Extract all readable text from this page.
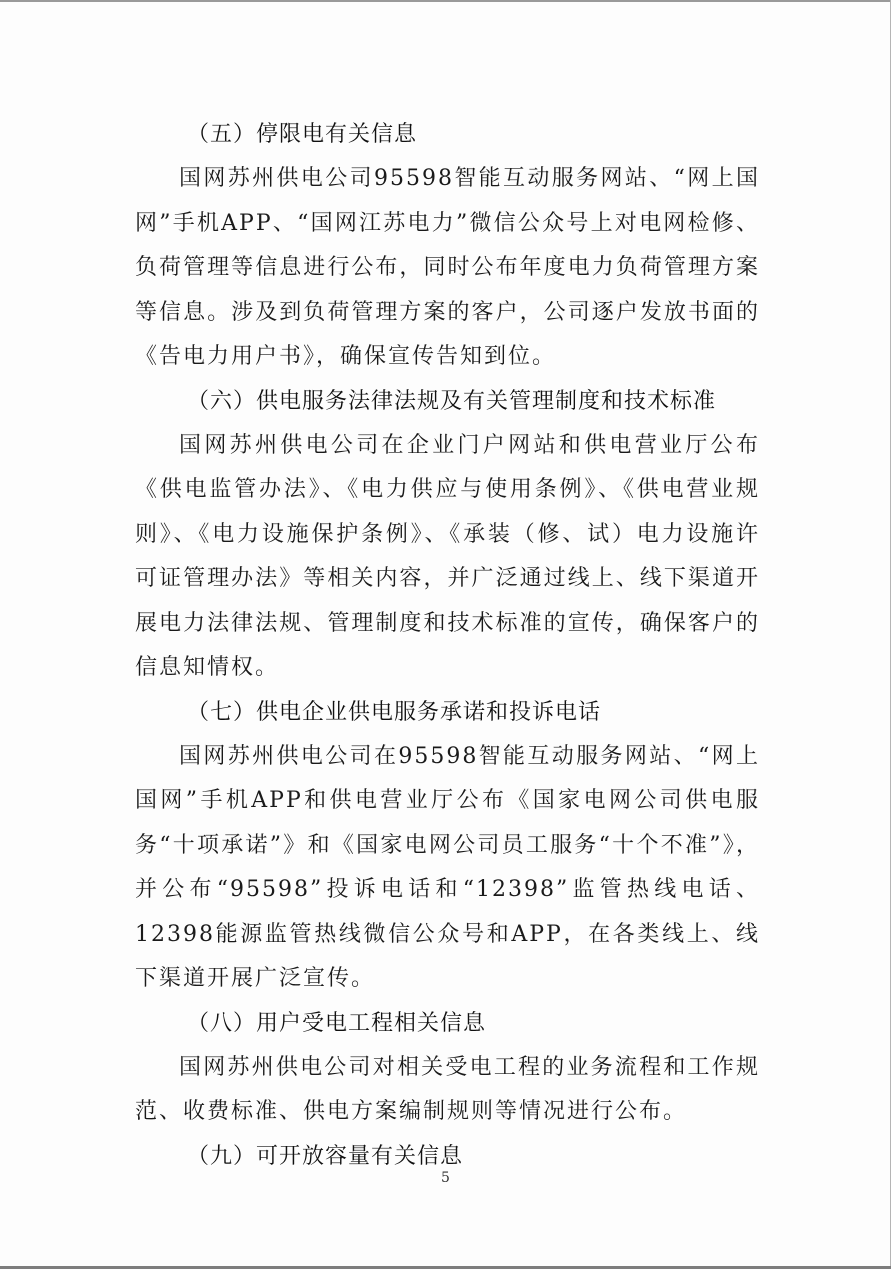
（五）停限电有关信息

国网苏州供电公司95598智能互动服务网站、“网上国网”手机APP、“国网江苏电力”微信公众号上对电网检修、负荷管理等信息进行公布，同时公布年度电力负荷管理方案等信息。涉及到负荷管理方案的客户，公司逐户发放书面的《告电力用户书》，确保宣传告知到位。

（六）供电服务法律法规及有关管理制度和技术标准

国网苏州供电公司在企业门户网站和供电营业厅公布《供电监管办法》、《电力供应与使用条例》、《供电营业规则》、《电力设施保护条例》、《承装（修、试）电力设施许可证管理办法》等相关内容，并广泛通过线上、线下渠道开展电力法律法规、管理制度和技术标准的宣传，确保客户的信息知情权。

（七）供电企业供电服务承诺和投诉电话

国网苏州供电公司在95598智能互动服务网站、“网上国网”手机APP和供电营业厅公布《国家电网公司供电服务“十项承诺”》和《国家电网公司员工服务“十个不准”》，并公布“95598”投诉电话和“12398”监管热线电话、12398能源监管热线微信公众号和APP，在各类线上、线下渠道开展广泛宣传。

（八）用户受电工程相关信息

国网苏州供电公司对相关受电工程的业务流程和工作规范、收费标准、供电方案编制规则等情况进行公布。

（九）可开放容量有关信息
5
